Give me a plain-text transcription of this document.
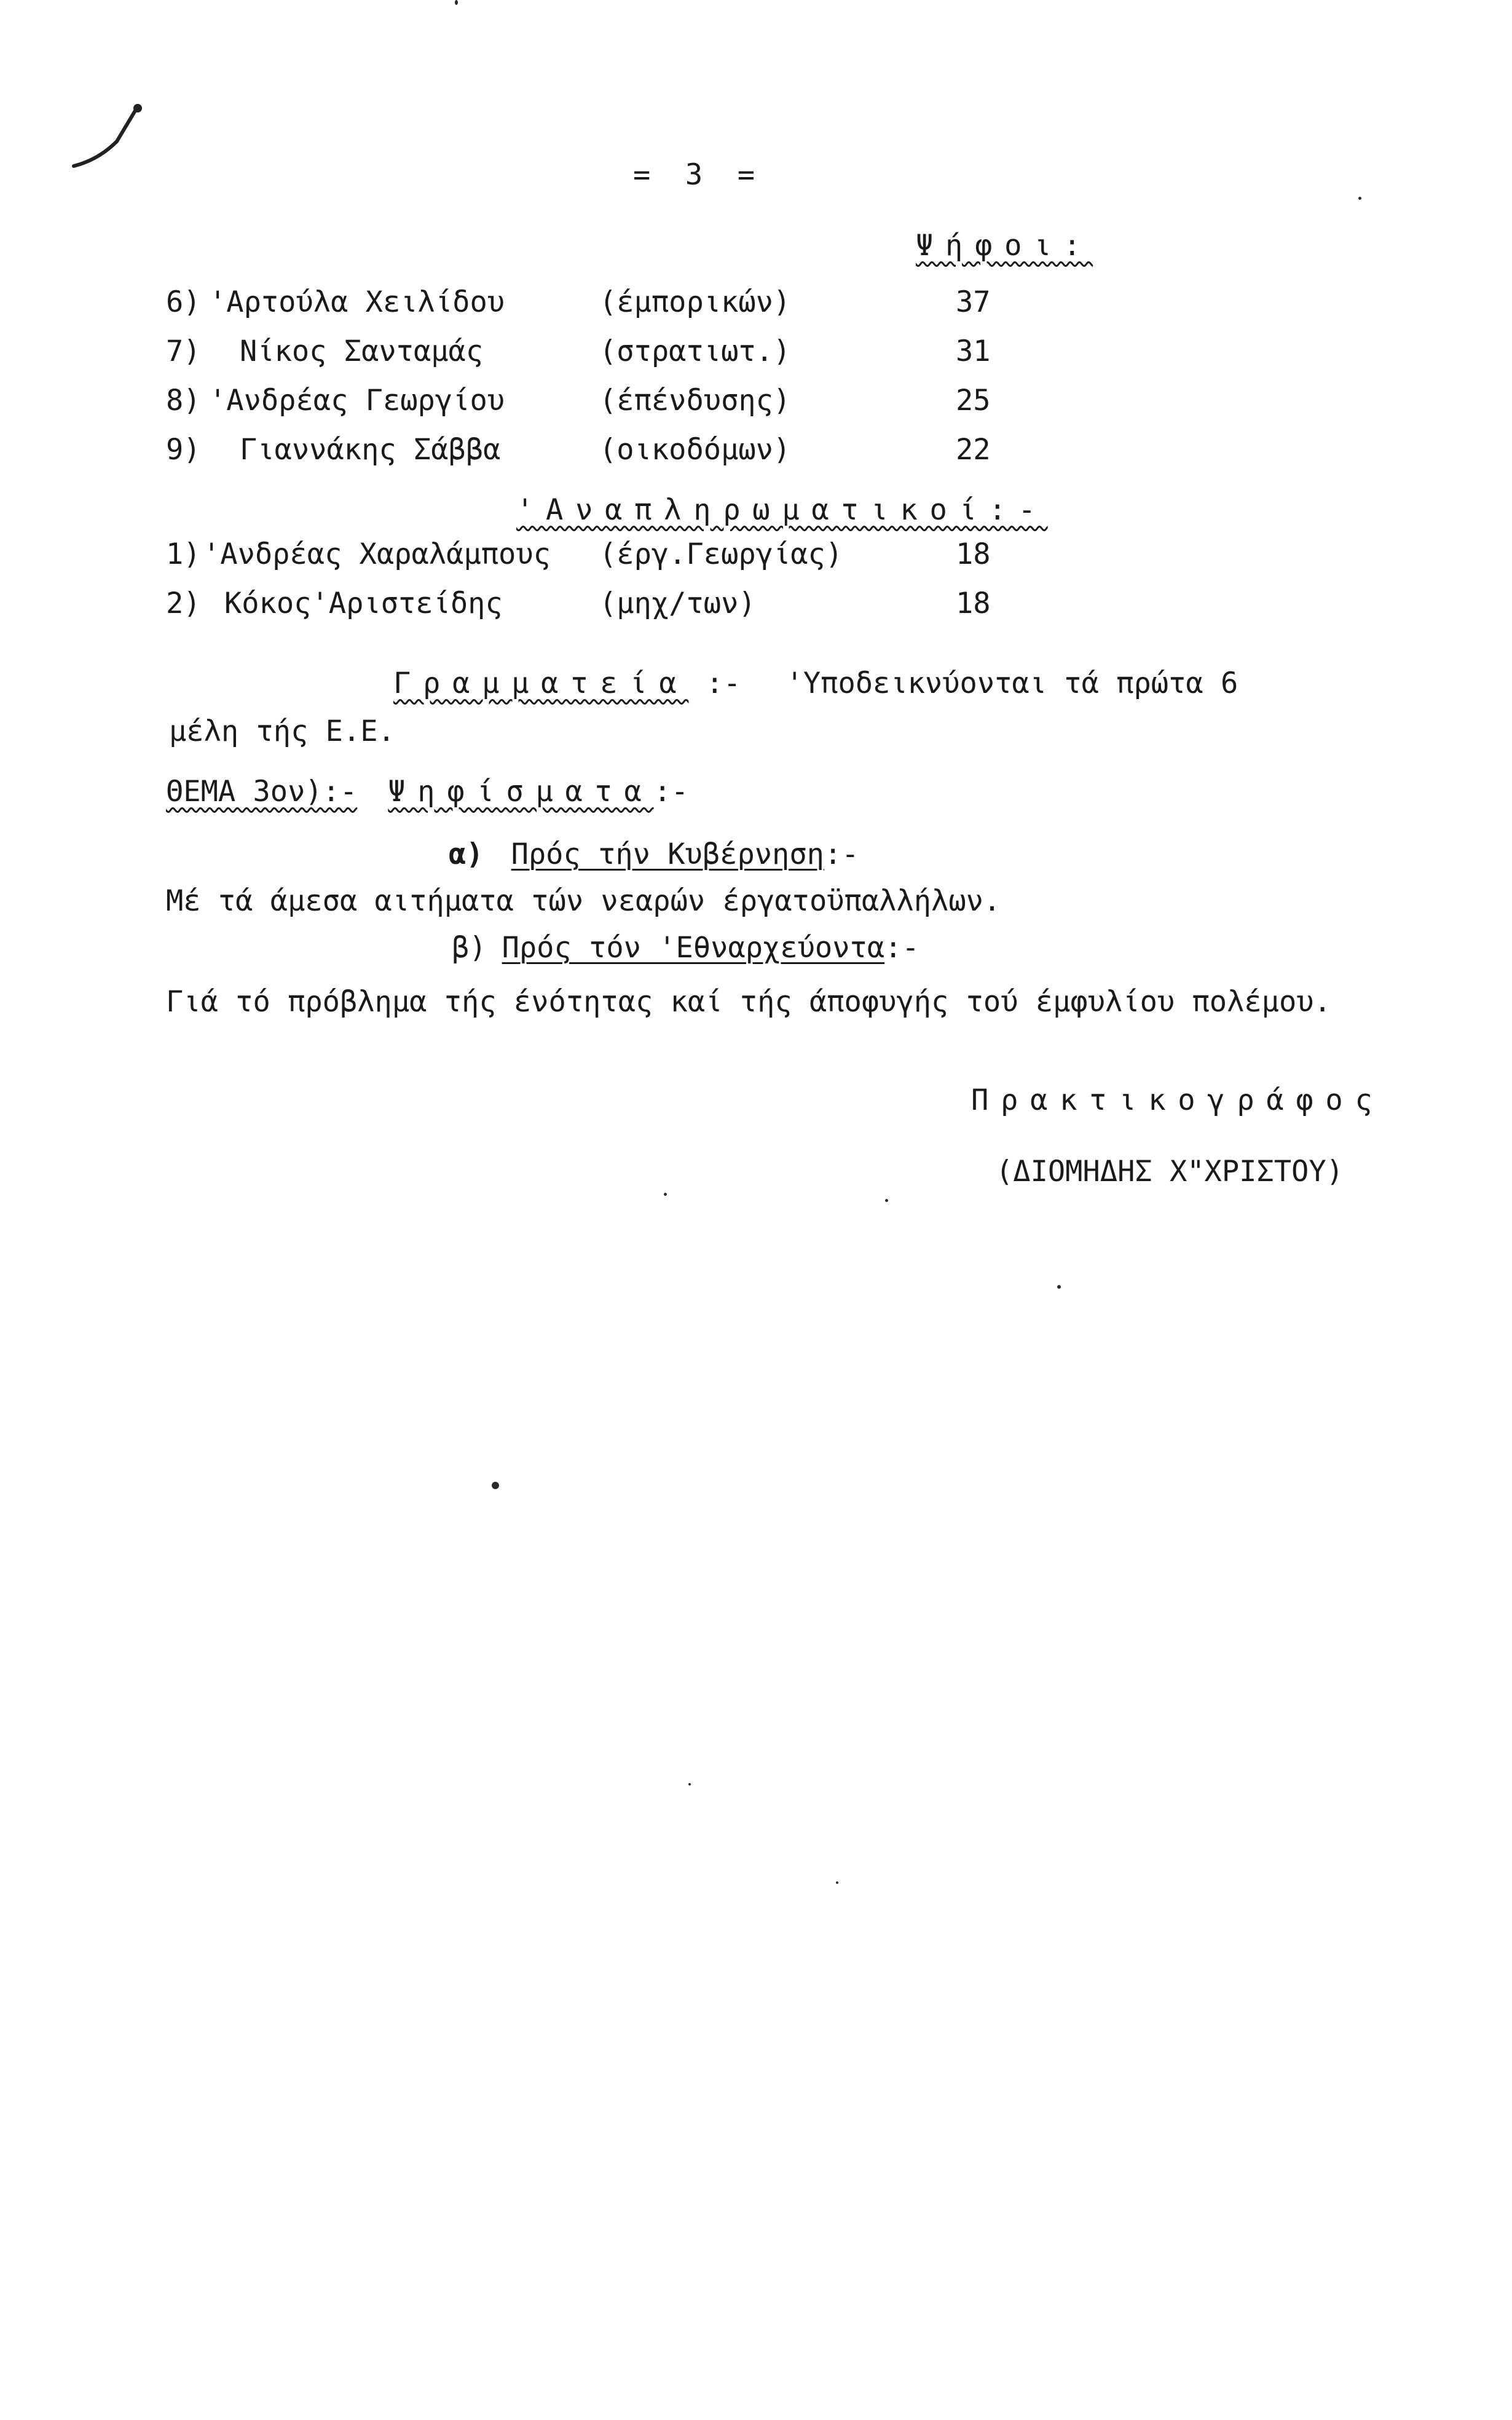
=  3  =
Ψήφοι:
6) 'Αρτούλα Χειλίδου	(έμπορικών)	37
7) Νίκος Σανταμάς	(στρατιωτ.)	31
8) 'Ανδρέας Γεωργίου	(έπένδυσης)	25
9) Γιαννάκης Σάββα	(οικοδόμων)	22
'Αναπληρωματικοί:-
1) 'Ανδρέας Χαραλάμπους (έργ.Γεωργίας)	18
2) Κόκος'Αριστείδης	(μηχ/των)	18
Γραμματεία :- 'Υποδεικνύονται τά πρώτα 6
μέλη τής Ε.Ε.
ΘΕΜΑ 3ον):- Ψηφίσματα:-
α) Πρός τήν Κυβέρνηση:-
Μέ τά άμεσα αιτήματα τών νεαρών έργατοϋπαλλήλων.
β) Πρός τόν 'Εθναρχεύοντα:-
Γιά τό πρόβλημα τής ένότητας καί τής άποφυγής τού έμφυλίου πολέμου.
Πρακτικογράφος
(ΔΙΟΜΗΔΗΣ Χ"ΧΡΙΣΤΟΥ)
